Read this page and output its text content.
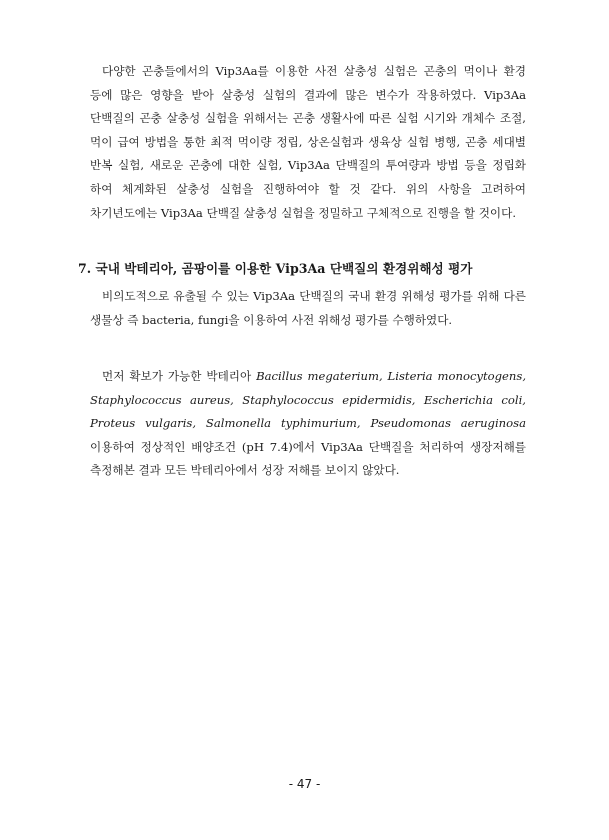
다양한 곤충들에서의 Vip3Aa를 이용한 사전 살충성 실험은 곤충의 먹이나 환경 등에 많은 영향을 받아 살충성 실험의 결과에 많은 변수가 작용하였다. Vip3Aa 단백질의 곤충 살충성 실험을 위해서는 곤충 생활사에 따른 실험 시기와 개체수 조절, 먹이 급여 방법을 통한 최적 먹이량 정립, 상온실험과 생육상 실험 병행, 곤충 세대별 반복 실험, 새로운 곤충에 대한 실험, Vip3Aa 단백질의 투여량과 방법 등을 정립화 하여 체계화된 살충성 실험을 진행하여야 할 것 같다. 위의 사항을 고려하여 차기년도에는 Vip3Aa 단백질 살충성 실험을 정밀하고 구체적으로 진행을 할 것이다.

7. 국내 박테리아, 곰팡이를 이용한 Vip3Aa 단백질의 환경위해성 평가

비의도적으로 유출될 수 있는 Vip3Aa 단백질의 국내 환경 위해성 평가를 위해 다른 생물상 즉 bacteria, fungi을 이용하여 사전 위해성 평가를 수행하였다.

먼저 확보가 가능한 박테리아 Bacillus megaterium, Listeria monocytogens, Staphylococcus aureus, Staphylococcus epidermidis, Escherichia coli, Proteus vulgaris, Salmonella typhimurium, Pseudomonas aeruginosa 이용하여 정상적인 배양조건 (pH 7.4)에서 Vip3Aa 단백질을 처리하여 생장저해를 측정해본 결과 모든 박테리아에서 성장 저해를 보이지 않았다.

- 47 -
